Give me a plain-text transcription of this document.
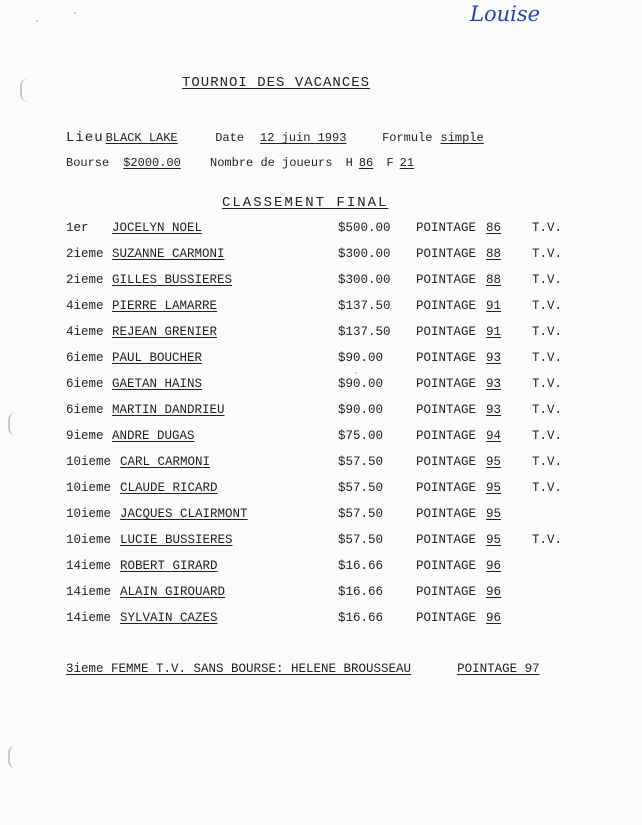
Louise
TOURNOI DES VACANCES
Lieu BLACK LAKE	Date 12 juin 1993	Formule simple
Bourse $2000.00 Nombre de joueurs H 86 F 21
CLASSEMENT FINAL
1er JOCELYN NOEL	$500.00 POINTAGE 86 T.V.
2ieme SUZANNE CARMONI	$300.00 POINTAGE 88 T.V.
2ieme GILLES BUSSIERES	$300.00 POINTAGE 88 T.V.
4ieme PIERRE LAMARRE	$137.50 POINTAGE 91 T.V.
4ieme REJEAN GRENIER	$137.50 POINTAGE 91 T.V.
6ieme PAUL BOUCHER	$90.00	POINTAGE 93 T.V.
6ieme GAETAN HAINS	$90.00	POINTAGE 93 T.V.
6ieme MARTIN DANDRIEU	$90.00	POINTAGE 93 T.V.
9ieme ANDRE DUGAS	$75.00	POINTAGE 94 T.V.
10ieme CARL CARMONI	$57.50	POINTAGE 95 T.V.
10ieme CLAUDE RICARD	$57.50	POINTAGE 95 T.V.
10ieme JACQUES CLAIRMONT	$57.50	POINTAGE 95
10ieme LUCIE BUSSIERES	$57.50	POINTAGE 95 T.V.
14ieme ROBERT GIRARD	$16.66	POINTAGE 96
14ieme ALAIN GIROUARD	$16.66	POINTAGE 96
14ieme SYLVAIN CAZES	$16.66	POINTAGE 96
3ieme FEMME T.V. SANS BOURSE: HELENE BROUSSEAU	POINTAGE 97
